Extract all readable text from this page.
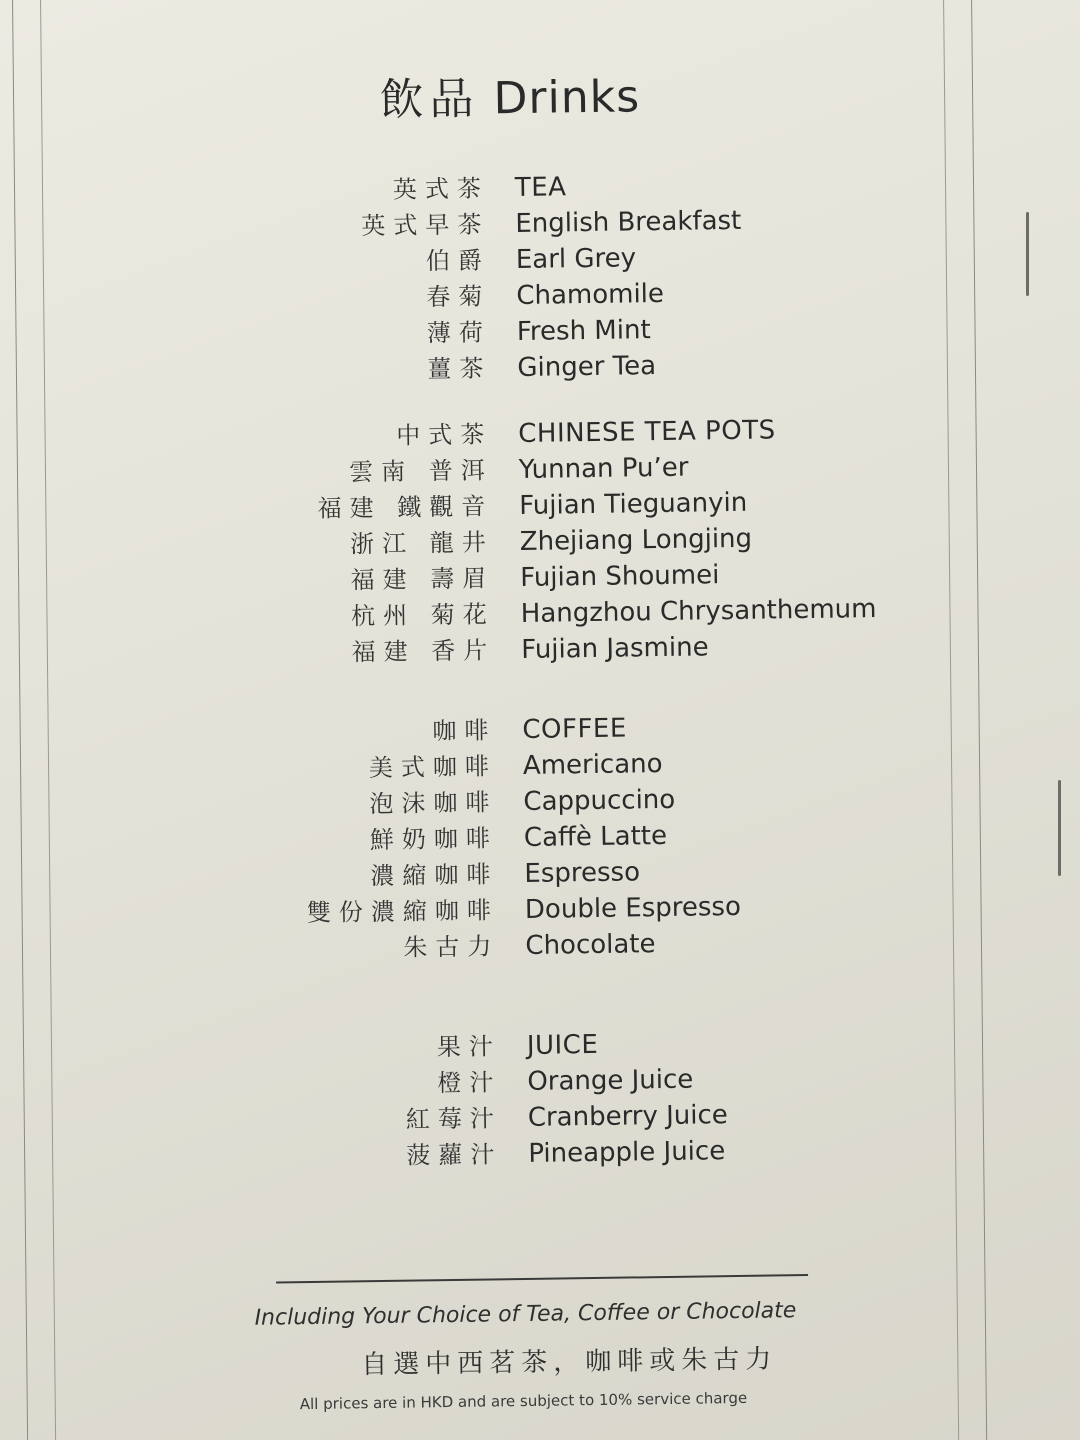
飲品 Drinks
英式茶 TEA
英式早茶 English Breakfast
伯爵 Earl Grey
春菊 Chamomile
薄荷 Fresh Mint
薑茶 Ginger Tea
中式茶 CHINESE TEA POTS
雲南 普洱 Yunnan Pu’er
福建 鐵觀音 Fujian Tieguanyin
浙江 龍井 Zhejiang Longjing
福建 壽眉 Fujian Shoumei
杭州 菊花 Hangzhou Chrysanthemum
福建 香片 Fujian Jasmine
咖啡 COFFEE
美式咖啡 Americano
泡沫咖啡 Cappuccino
鮮奶咖啡 Caffè Latte
濃縮咖啡 Espresso
雙份濃縮咖啡 Double Espresso
朱古力 Chocolate
果汁 JUICE
橙汁 Orange Juice
紅莓汁 Cranberry Juice
菠蘿汁 Pineapple Juice
Including Your Choice of Tea, Coffee or Chocolate
自選中西茗茶，咖啡或朱古力
All prices are in HKD and are subject to 10% service charge
